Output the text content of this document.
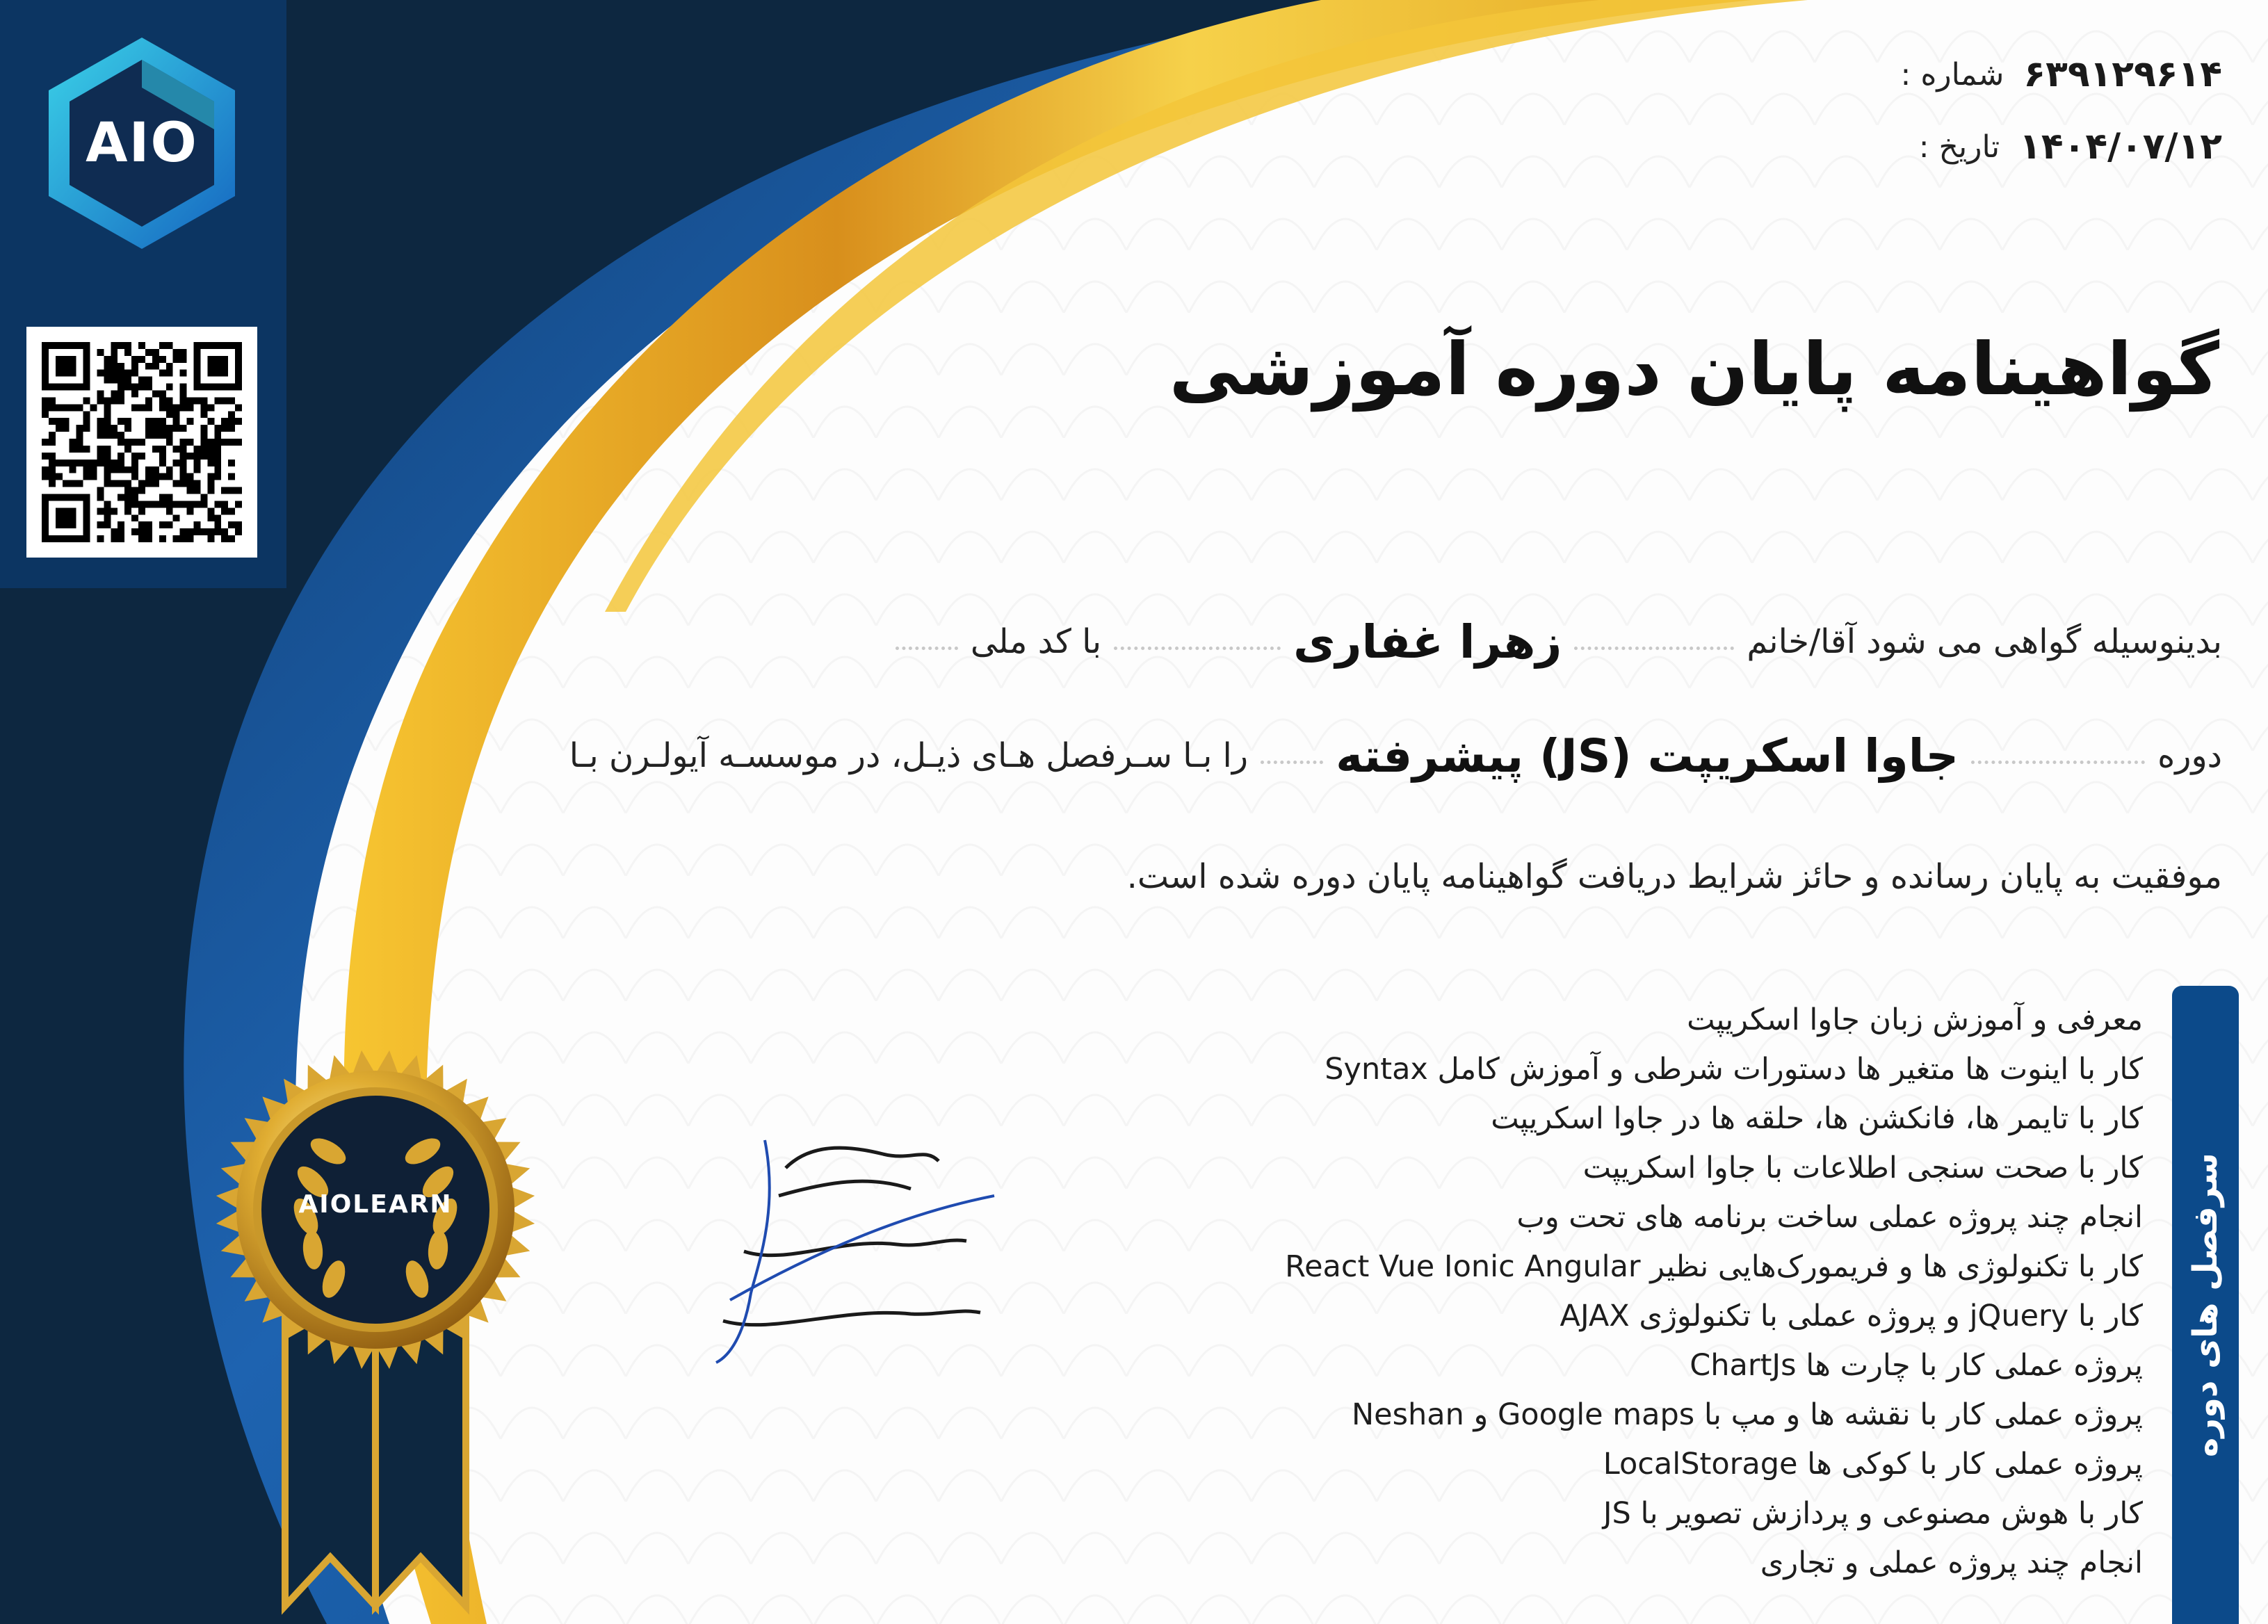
AIO
شماره : ۶۳۹۱۲۹۶۱۴
تاریخ : ۱۴۰۴/۰۷/۱۲
گواهینامه پایان دوره آموزشی
بدینوسیله گواهی می شود آقا/خانم
زهرا غفاری
با کد ملی
دوره
جاوا اسکریپت (JS) پیشرفته
را بـا سـرفصل هـای ذیـل، در موسسـه آیولـرن بـا
موفقیت به پایان رسانده و حائز شرایط دریافت گواهینامه پایان دوره شده است.
سرفصل های دوره
معرفی و آموزش زبان جاوا اسکریپت
کار با اینوت ها متغیر ها دستورات شرطی و آموزش کامل Syntax
کار با تایمر ها، فانکشن ها، حلقه ها در جاوا اسکریپت
کار با صحت سنجی اطلاعات با جاوا اسکریپت
انجام چند پروژه عملی ساخت برنامه های تحت وب
کار با تکنولوژی ها و فریمورک‌هایی نظیر React Vue Ionic Angular
کار با jQuery و پروژه عملی با تکنولوژی AJAX
پروژه عملی کار با چارت ها ChartJs
پروژه عملی کار با نقشه ها و مپ با Google maps و Neshan
پروژه عملی کار با کوکی ها LocalStorage
کار با هوش مصنوعی و پردازش تصویر با JS
انجام چند پروژه عملی و تجاری
AIOLEARN
